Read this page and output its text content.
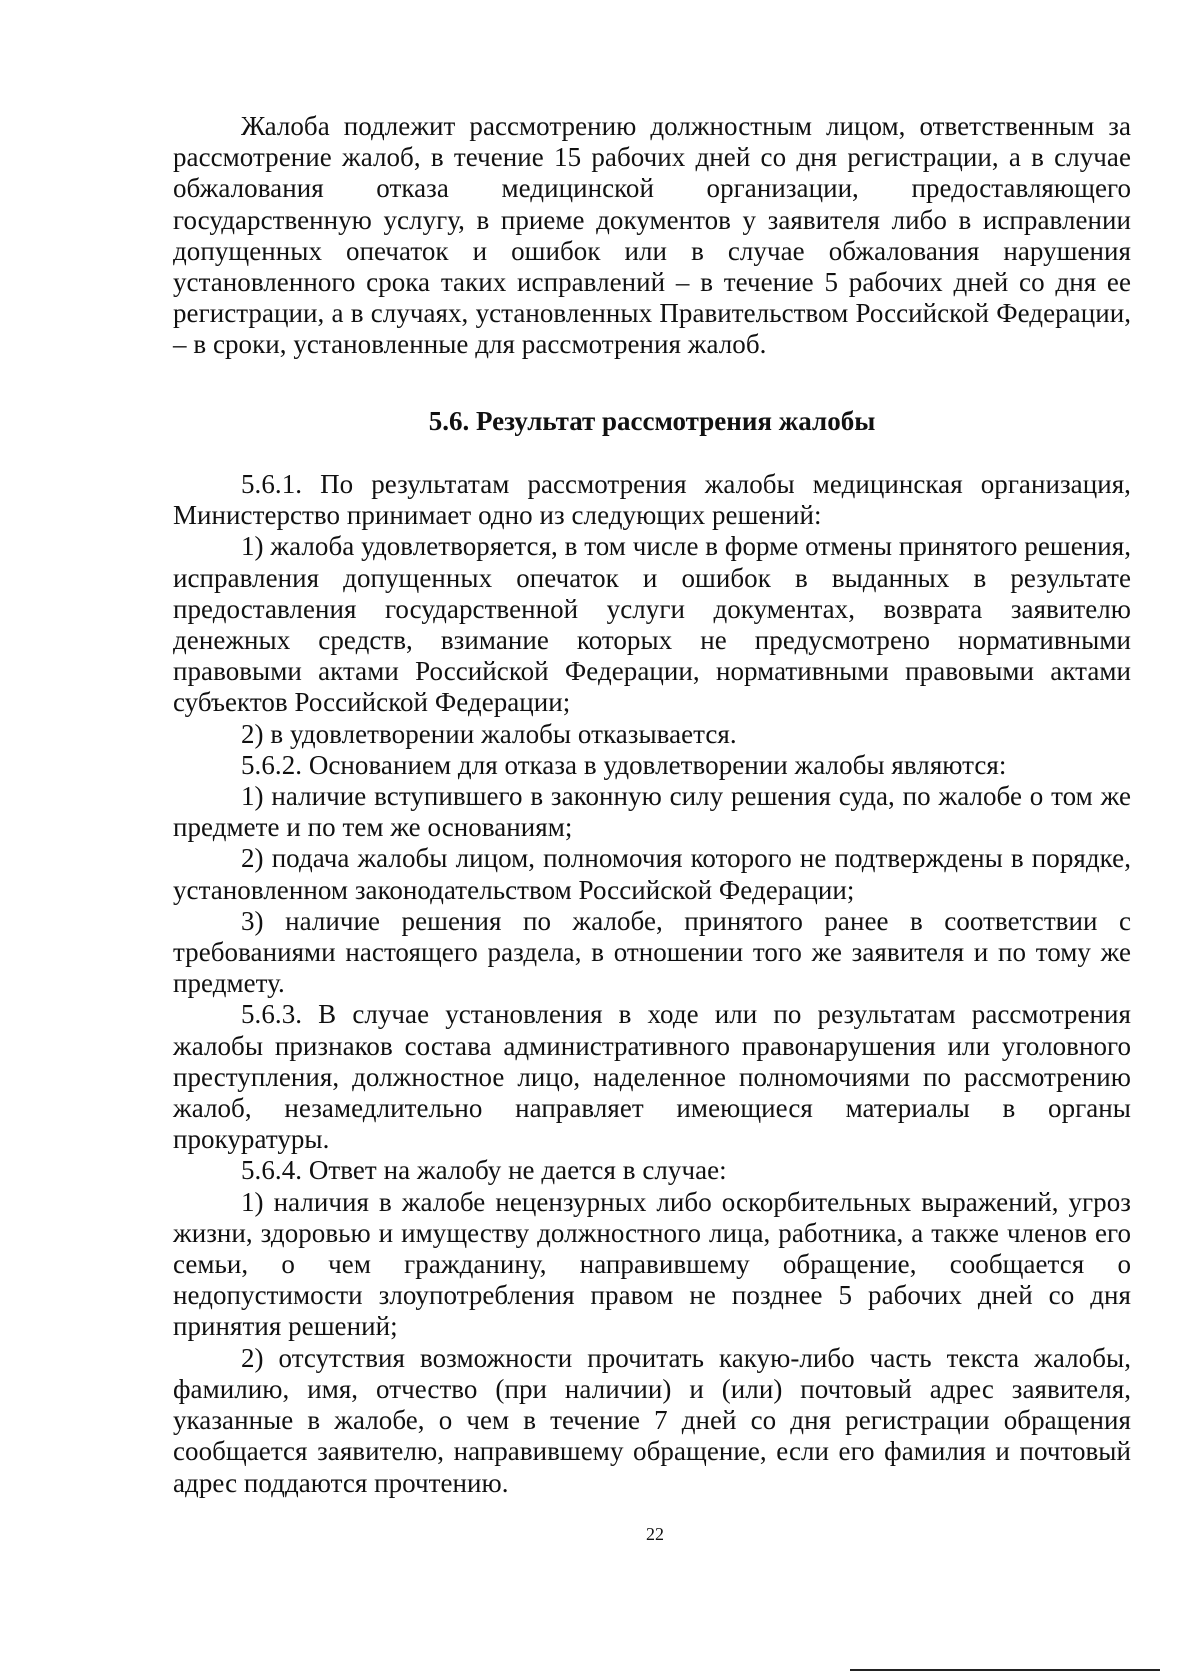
Жалоба подлежит рассмотрению должностным лицом, ответственным за рассмотрение жалоб, в течение 15 рабочих дней со дня регистрации, а в случае обжалования отказа медицинской организации, предоставляющего государственную услугу, в приеме документов у заявителя либо в исправлении допущенных опечаток и ошибок или в случае обжалования нарушения установленного срока таких исправлений – в течение 5 рабочих дней со дня ее регистрации, а в случаях, установленных Правительством Российской Федерации, – в сроки, установленные для рассмотрения жалоб.

5.6. Результат рассмотрения жалобы

5.6.1. По результатам рассмотрения жалобы медицинская организация, Министерство принимает одно из следующих решений:

1) жалоба удовлетворяется, в том числе в форме отмены принятого решения, исправления допущенных опечаток и ошибок в выданных в результате предоставления государственной услуги документах, возврата заявителю денежных средств, взимание которых не предусмотрено нормативными правовыми актами Российской Федерации, нормативными правовыми актами субъектов Российской Федерации;

2) в удовлетворении жалобы отказывается.

5.6.2. Основанием для отказа в удовлетворении жалобы являются:

1) наличие вступившего в законную силу решения суда, по жалобе о том же предмете и по тем же основаниям;

2) подача жалобы лицом, полномочия которого не подтверждены в порядке, установленном законодательством Российской Федерации;

3) наличие решения по жалобе, принятого ранее в соответствии с требованиями настоящего раздела, в отношении того же заявителя и по тому же предмету.

5.6.3. В случае установления в ходе или по результатам рассмотрения жалобы признаков состава административного правонарушения или уголовного преступления, должностное лицо, наделенное полномочиями по рассмотрению жалоб, незамедлительно направляет имеющиеся материалы в органы прокуратуры.

5.6.4. Ответ на жалобу не дается в случае:

1) наличия в жалобе нецензурных либо оскорбительных выражений, угроз жизни, здоровью и имуществу должностного лица, работника, а также членов его семьи, о чем гражданину, направившему обращение, сообщается о недопустимости злоупотребления правом не позднее 5 рабочих дней со дня принятия решений;

2) отсутствия возможности прочитать какую-либо часть текста жалобы, фамилию, имя, отчество (при наличии) и (или) почтовый адрес заявителя, указанные в жалобе, о чем в течение 7 дней со дня регистрации обращения сообщается заявителю, направившему обращение, если его фамилия и почтовый адрес поддаются прочтению.

22
